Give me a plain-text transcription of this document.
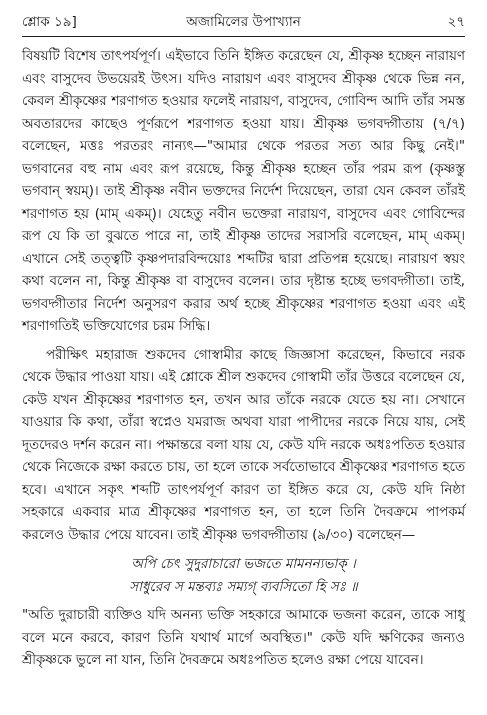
শ্লোক ১৯]	অজামিলের উপাখ্যান	২৭

বিষয়টি বিশেষ তাৎপর্যপূর্ণ। এইভাবে তিনি ইঙ্গিত করেছেন যে, শ্রীকৃষ্ণ হচ্ছেন নারায়ণ এবং বাসুদেব উভয়েরই উৎস। যদিও নারায়ণ এবং বাসুদেব শ্রীকৃষ্ণ থেকে ভিন্ন নন, কেবল শ্রীকৃষ্ণের শরণাগত হওয়ার ফলেই নারায়ণ, বাসুদেব, গোবিন্দ আদি তাঁর সমস্ত অবতারদের কাছেও পূর্ণরূপে শরণাগত হওয়া যায়। শ্রীকৃষ্ণ ভগবদ্গীতায় (৭/৭) বলেছেন, মত্তঃ পরতরং নান্যৎ—"আমার থেকে পরতর সত্য আর কিছু নেই।" ভগবানের বহু নাম এবং রূপ রয়েছে, কিন্তু শ্রীকৃষ্ণ হচ্ছেন তাঁর পরম রূপ (কৃষ্ণস্তু ভগবান্ স্বয়ম্)। তাই শ্রীকৃষ্ণ নবীন ভক্তদের নির্দেশ দিয়েছেন, তারা যেন কেবল তাঁরই শরণাগত হয় (মাম্ একম্)। যেহেতু নবীন ভক্তেরা নারায়ণ, বাসুদেব এবং গোবিন্দের রূপ যে কি তা বুঝতে পারে না, তাই শ্রীকৃষ্ণ তাদের সরাসরি বলেছেন, মাম্ একম্। এখানে সেই তত্ত্বটি কৃষ্ণপদারবিন্দয়োঃ শব্দটির দ্বারা প্রতিপন্ন হয়েছে। নারায়ণ স্বয়ং কথা বলেন না, কিন্তু শ্রীকৃষ্ণ বা বাসুদেব বলেন। তার দৃষ্টান্ত হচ্ছে ভগবদ্গীতা। তাই, ভগবদ্গীতার নির্দেশ অনুসরণ করার অর্থ হচ্ছে শ্রীকৃষ্ণের শরণাগত হওয়া এবং এই শরণাগতিই ভক্তিযোগের চরম সিদ্ধি।

পরীক্ষিৎ মহারাজ শুকদেব গোস্বামীর কাছে জিজ্ঞাসা করেছেন, কিভাবে নরক থেকে উদ্ধার পাওয়া যায়। এই শ্লোকে শ্রীল শুকদেব গোস্বামী তাঁর উত্তরে বলেছেন যে, কেউ যখন শ্রীকৃষ্ণের শরণাগত হন, তখন আর তাঁকে নরকে যেতে হয় না। সেখানে যাওয়ার কি কথা, তাঁরা স্বপ্নেও যমরাজ অথবা যারা পাপীদের নরকে নিয়ে যায়, সেই দূতদেরও দর্শন করেন না। পক্ষান্তরে বলা যায় যে, কেউ যদি নরকে অধঃপতিত হওয়ার থেকে নিজেকে রক্ষা করতে চায়, তা হলে তাকে সর্বতোভাবে শ্রীকৃষ্ণের শরণাগত হতে হবে। এখানে সকৃৎ শব্দটি তাৎপর্যপূর্ণ কারণ তা ইঙ্গিত করে যে, কেউ যদি নিষ্ঠা সহকারে একবার মাত্র শ্রীকৃষ্ণের শরণাগত হন, তা হলে তিনি দৈবক্রমে পাপকর্ম করলেও উদ্ধার পেয়ে যাবেন। তাই শ্রীকৃষ্ণ ভগবদ্গীতায় (৯/৩০) বলেছেন—

অপি চেৎ সুদুরাচারো ভজতে মামনন্যভাক্ ।
সাধুরেব স মন্তব্যঃ সম্যগ্ ব্যবসিতো হি সঃ ॥

"অতি দুরাচারী ব্যক্তিও যদি অনন্য ভক্তি সহকারে আমাকে ভজনা করেন, তাকে সাধু বলে মনে করবে, কারণ তিনি যথার্থ মার্গে অবস্থিত।" কেউ যদি ক্ষণিকের জন্যও শ্রীকৃষ্ণকে ভুলে না যান, তিনি দৈবক্রমে অধঃপতিত হলেও রক্ষা পেয়ে যাবেন।
